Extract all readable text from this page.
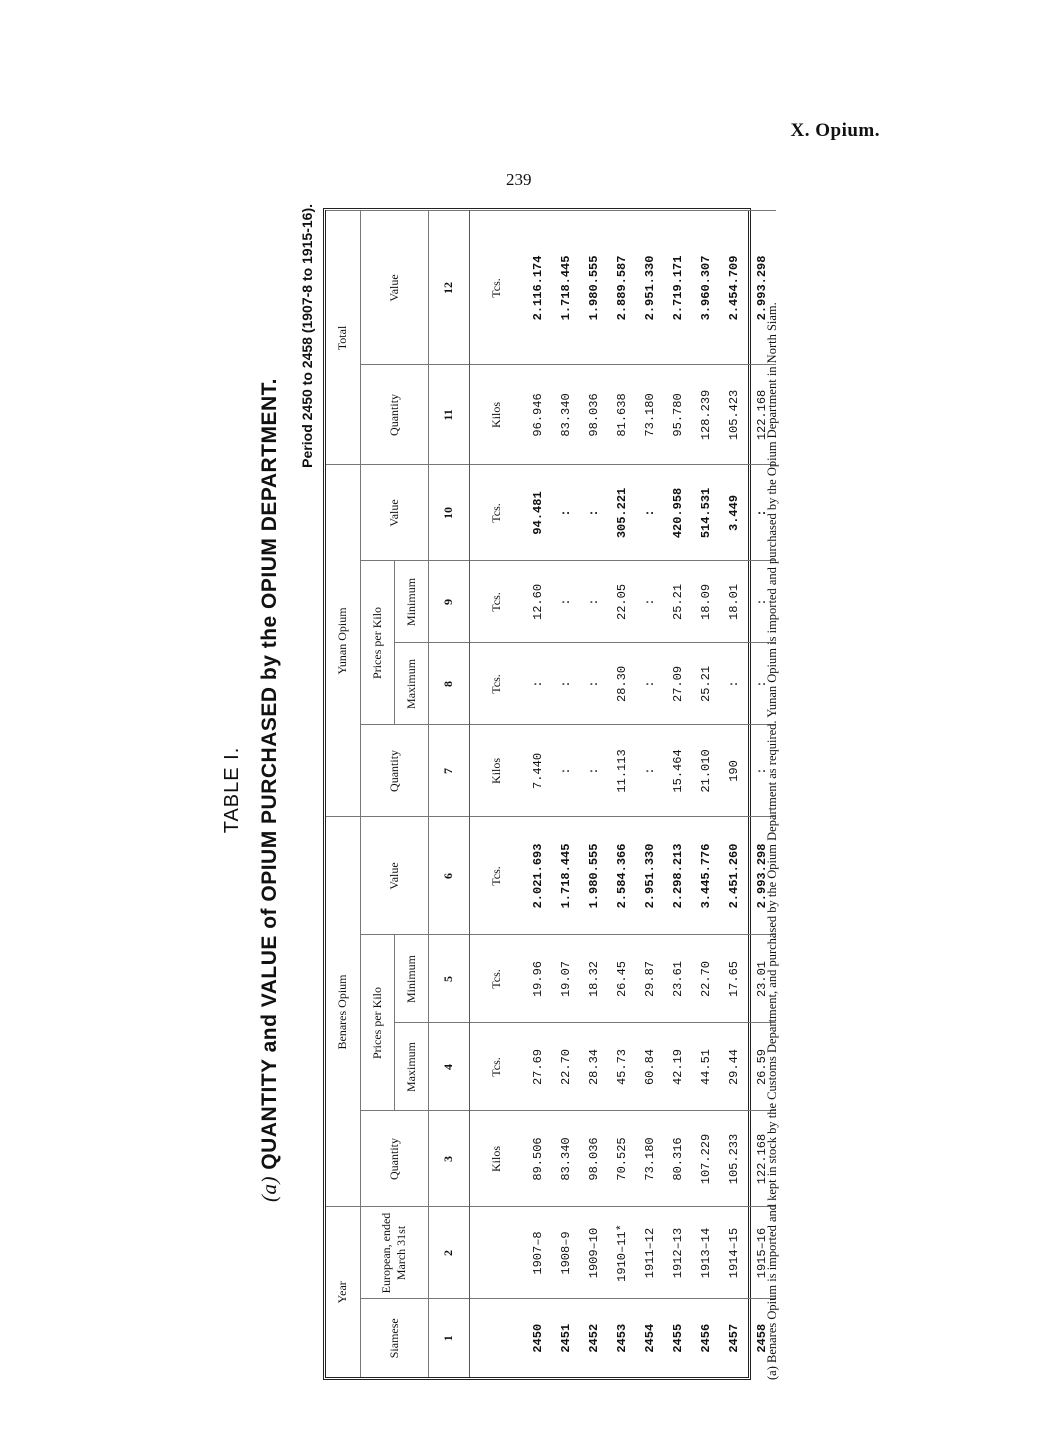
X. Opium.
239
TABLE I.
(a) QUANTITY and VALUE of OPIUM PURCHASED by the OPIUM DEPARTMENT.
Period 2450 to 2458 (1907-8 to 1915-16).
Year		Benares Opium				Yunan Opium				Total	
Siamese	European, ended March 31st	Quantity	Prices per Kilo		Value	Quantity	Prices per Kilo		Value	Quantity	Value
			Maximum	Minimum			Maximum	Minimum			
1	2	3	4	5	6	7	8	9	10	11	12
		Kilos	Tcs.	Tcs.	Tcs.	Kilos	Tcs.	Tcs.	Tcs.	Kilos	Tcs.
2450	1907–8	89.506	27.69	19.96	2.021.693	7.440	:	12.60	94.481	96.946	2.116.174
2451	1908–9	83.340	22.70	19.07	1.718.445	:	:	:	:	83.340	1.718.445
2452	1909–10	98.036	28.34	18.32	1.980.555	:	:	:	:	98.036	1.980.555
2453	1910–11*	70.525	45.73	26.45	2.584.366	11.113	28.30	22.05	305.221	81.638	2.889.587
2454	1911–12	73.180	60.84	29.87	2.951.330	:	:	:	:	73.180	2.951.330
2455	1912–13	80.316	42.19	23.61	2.298.213	15.464	27.09	25.21	420.958	95.780	2.719.171
2456	1913–14	107.229	44.51	22.70	3.445.776	21.010	25.21	18.09	514.531	128.239	3.960.307
2457	1914–15	105.233	29.44	17.65	2.451.260	190	:	18.01	3.449	105.423	2.454.709
2458	1915–16	122.168	26.59	23.01	2.993.298	:	:	:	:	122.168	2.993.298
(a) Benares Opium is imported and kept in stock by the Customs Department, and purchased by the Opium Department as required. Yunan Opium is imported and purchased by the Opium Department in North Siam.
